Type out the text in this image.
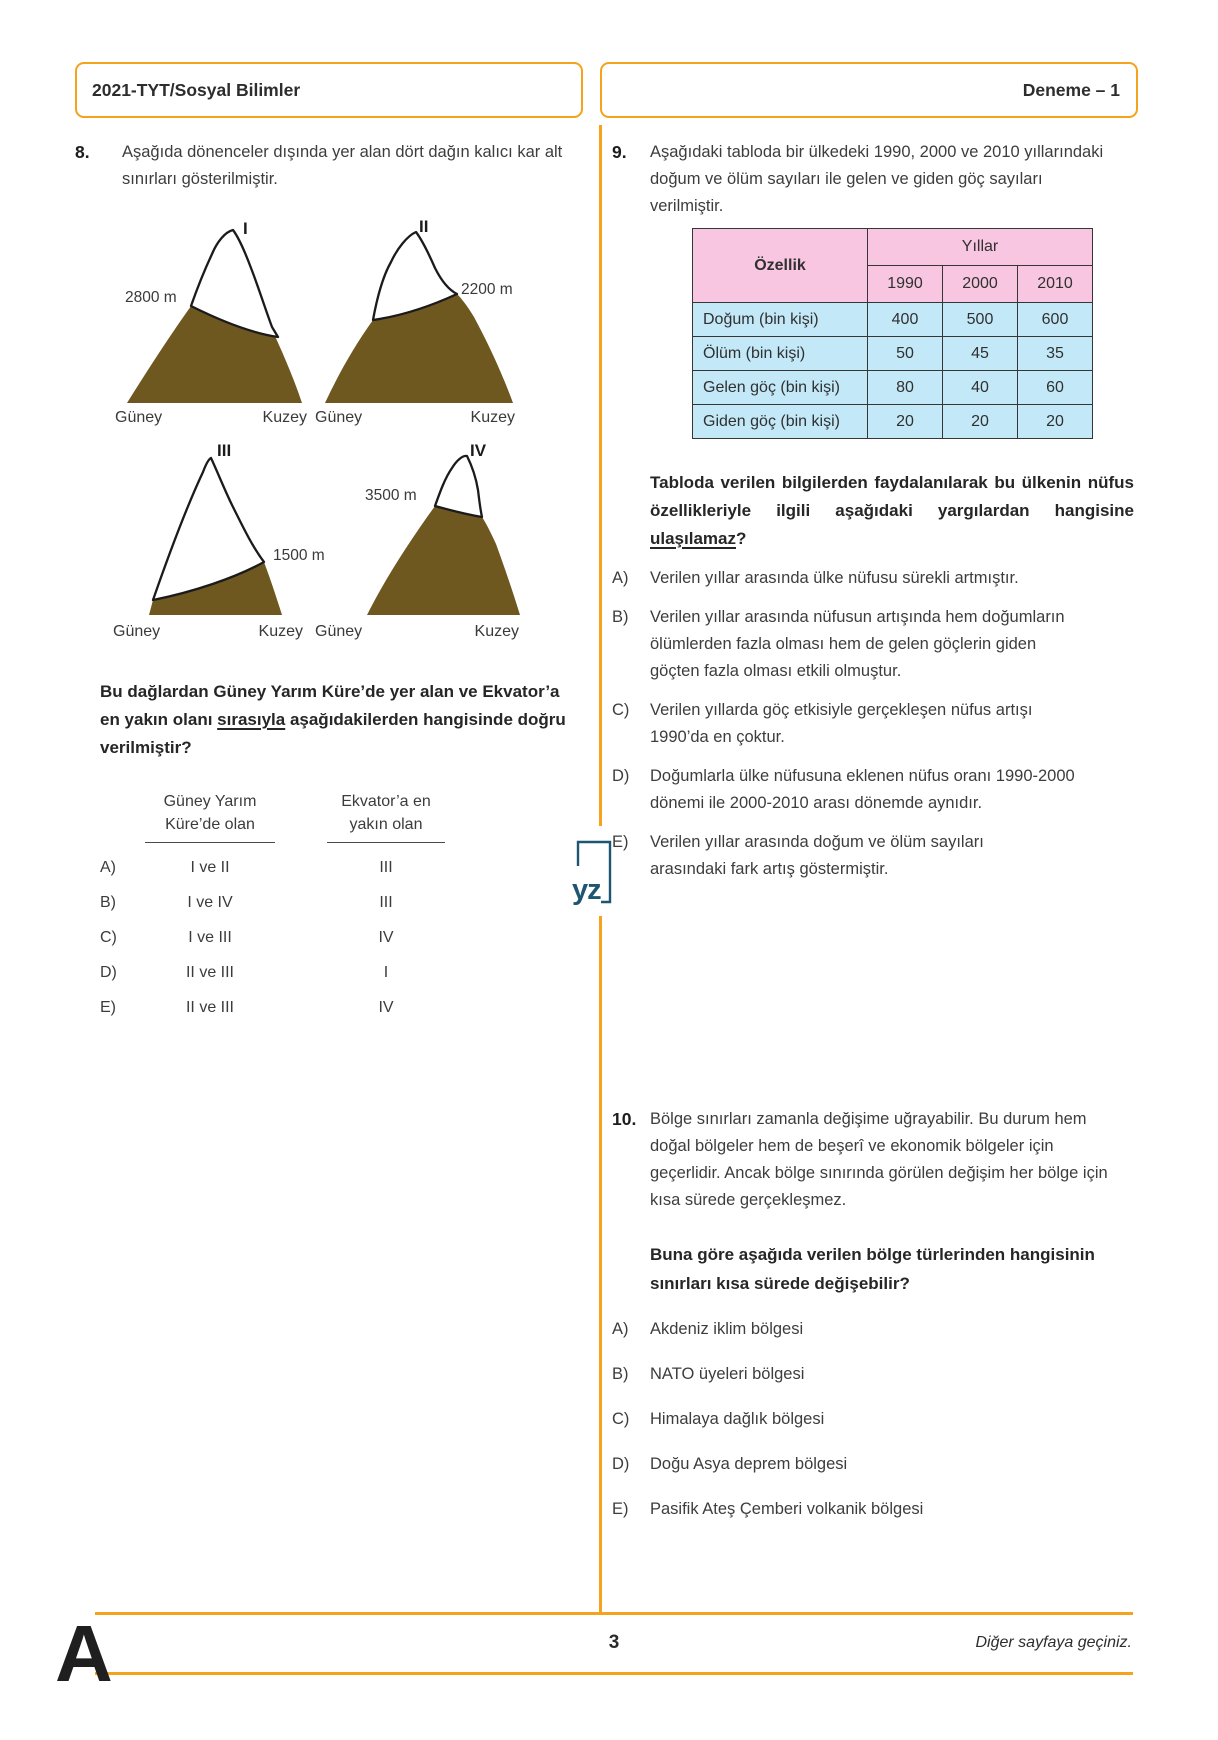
2021-TYT/Sosyal Bilimler	Deneme – 1
yz
8.	Aşağıda dönenceler dışında yer alan dört dağın kalıcı kar alt sınırları gösterilmiştir.
I
2800 m
Güney	Kuzey
II
2200 m
Güney	Kuzey
III
1500 m
Güney	Kuzey
IV
3500 m
Güney	Kuzey
Bu dağlardan Güney Yarım Küre’de yer alan ve Ekvator’a en yakın olanı sırasıyla aşağıdakilerden hangisinde doğru verilmiştir?
Güney Yarım
Küre’de olan
Ekvator’a en
yakın olan
A)	I ve II	III
B)	I ve IV	III
C)	I ve III	IV
D)	II ve III	I
E)	II ve III	IV
9.	Aşağıdaki tabloda bir ülkedeki 1990, 2000 ve 2010 yıllarındaki doğum ve ölüm sayıları ile gelen ve giden göç sayıları verilmiştir.
Özellik	Yıllar		
	1990	2000	2010
Doğum (bin kişi)	400	500	600
Ölüm (bin kişi)	50	45	35
Gelen göç (bin kişi)	80	40	60
Giden göç (bin kişi)	20	20	20
Tabloda verilen bilgilerden faydalanılarak bu ülkenin nüfus özellikleriyle ilgili aşağıdaki yargılardan hangisine ulaşılamaz?
A)	Verilen yıllar arasında ülke nüfusu sürekli artmıştır.
B)	Verilen yıllar arasında nüfusun artışında hem doğumların ölümlerden fazla olması hem de gelen göçlerin giden göçten fazla olması etkili olmuştur.
C)	Verilen yıllarda göç etkisiyle gerçekleşen nüfus artışı 1990’da en çoktur.
D)	Doğumlarla ülke nüfusuna eklenen nüfus oranı 1990-2000 dönemi ile 2000-2010 arası dönemde aynıdır.
E)	Verilen yıllar arasında doğum ve ölüm sayıları arasındaki fark artış göstermiştir.
10. Bölge sınırları zamanla değişime uğrayabilir. Bu durum hem doğal bölgeler hem de beşerî ve ekonomik bölgeler için geçerlidir. Ancak bölge sınırında görülen değişim her bölge için kısa sürede gerçekleşmez.
Buna göre aşağıda verilen bölge türlerinden hangisinin sınırları kısa sürede değişebilir?
A)	Akdeniz iklim bölgesi
B)	NATO üyeleri bölgesi
C)	Himalaya dağlık bölgesi
D)	Doğu Asya deprem bölgesi
E)	Pasifik Ateş Çemberi volkanik bölgesi
A	3	Diğer sayfaya geçiniz.
